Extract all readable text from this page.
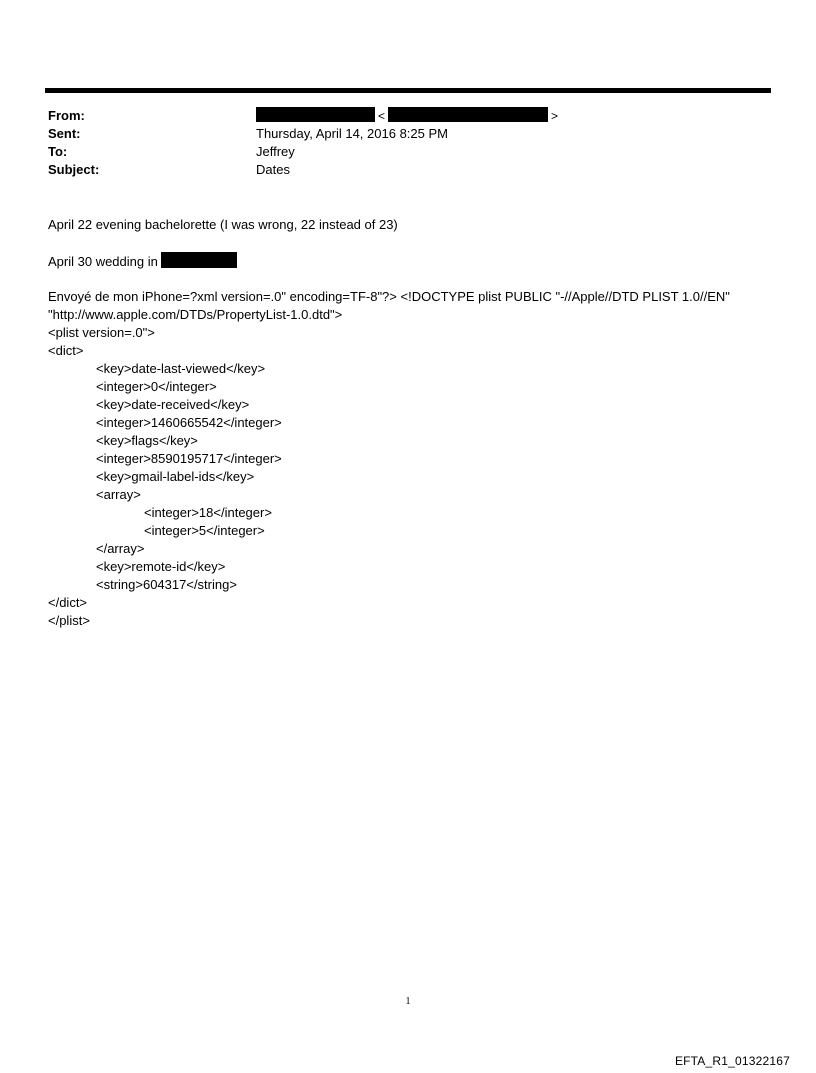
From:	<	>
Sent:	Thursday, April 14, 2016 8:25 PM
To:	Jeffrey
Subject:	Dates
April 22 evening bachelorette (I was wrong, 22 instead of 23)
April 30 wedding in
Envoyé de mon iPhone=?xml version=.0" encoding=TF-8"?> <!DOCTYPE plist PUBLIC "-//Apple//DTD PLIST 1.0//EN"
"http://www.apple.com/DTDs/PropertyList-1.0.dtd">
<plist version=.0">
<dict>
<key>date-last-viewed</key>
<integer>0</integer>
<key>date-received</key>
<integer>1460665542</integer>
<key>flags</key>
<integer>8590195717</integer>
<key>gmail-label-ids</key>
<array>
<integer>18</integer>
<integer>5</integer>
</array>
<key>remote-id</key>
<string>604317</string>
</dict>
</plist>
1
EFTA_R1_01322167
